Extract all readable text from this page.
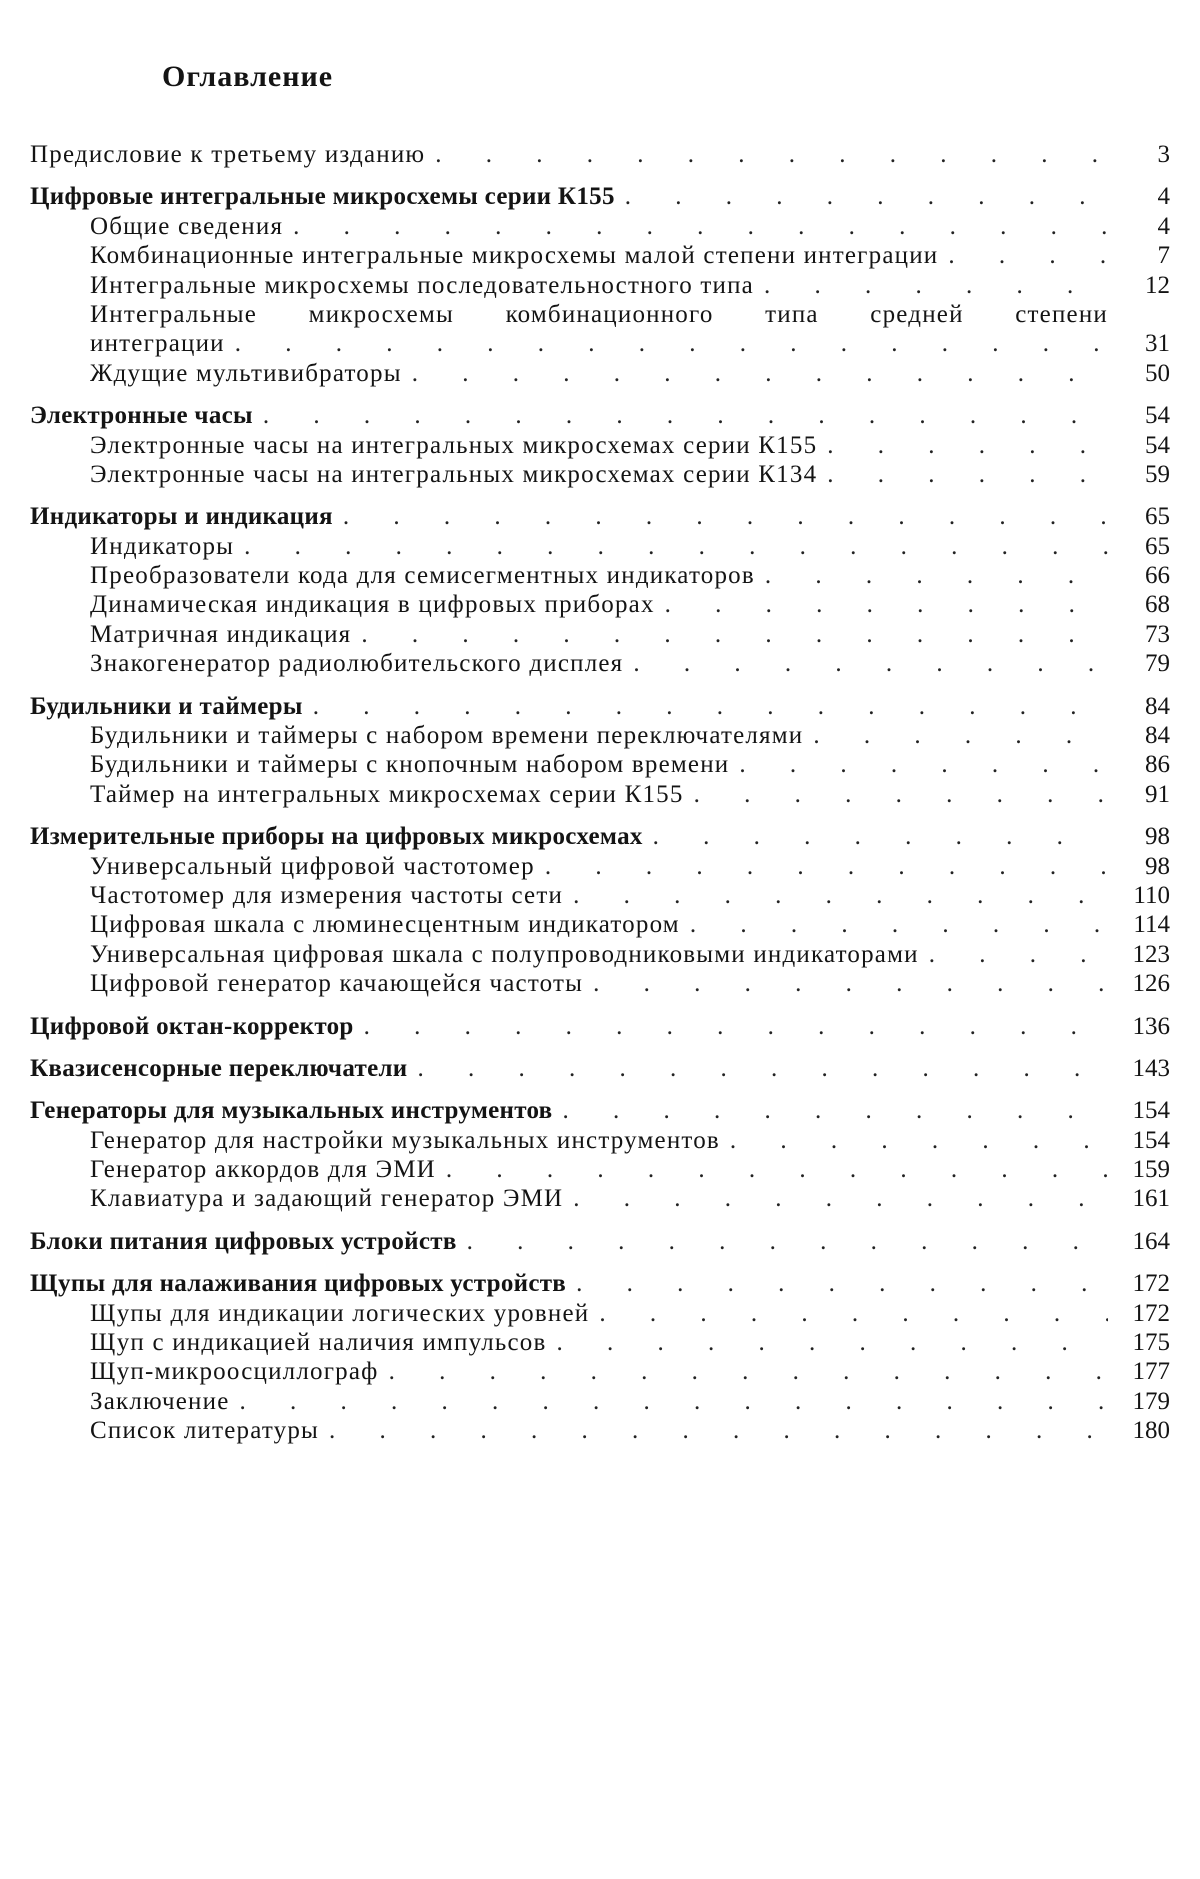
Оглавление
Предисловие к третьему изданию . . .	3
Цифровые интегральные микросхемы серии К155 . . .	4
Общие сведения . . .	4
Комбинационные интегральные микросхемы малой степени интеграции . . .	7
Интегральные микросхемы последовательностного типа . . .	12
Интегральные микросхемы комбинационного типа средней степени
интеграции . . .	31
Ждущие мультивибраторы . . .	50
Электронные часы . . .	54
Электронные часы на интегральных микросхемах серии К155 . . .	54
Электронные часы на интегральных микросхемах серии К134 . . .	59
Индикаторы и индикация . . .	65
Индикаторы . . .	65
Преобразователи кода для семисегментных индикаторов . . .	66
Динамическая индикация в цифровых приборах . . .	68
Матричная индикация . . .	73
Знакогенератор радиолюбительского дисплея . . .	79
Будильники и таймеры . . .	84
Будильники и таймеры с набором времени переключателями . . .	84
Будильники и таймеры с кнопочным набором времени . . .	86
Таймер на интегральных микросхемах серии К155 . . .	91
Измерительные приборы на цифровых микросхемах . . .	98
Универсальный цифровой частотомер . . .	98
Частотомер для измерения частоты сети . . .	110
Цифровая шкала с люминесцентным индикатором . . .	114
Универсальная цифровая шкала с полупроводниковыми индикаторами . . .	123
Цифровой генератор качающейся частоты . . .	126
Цифровой октан-корректор . . .	136
Квазисенсорные переключатели . . .	143
Генераторы для музыкальных инструментов . . .	154
Генератор для настройки музыкальных инструментов . . .	154
Генератор аккордов для ЭМИ . . .	159
Клавиатура и задающий генератор ЭМИ . . .	161
Блоки питания цифровых устройств . . .	164
Щупы для налаживания цифровых устройств . . .	172
Щупы для индикации логических уровней . . .	172
Щуп с индикацией наличия импульсов . . .	175
Щуп-микроосциллограф . . .	177
Заключение . . .	179
Список литературы . . .	180
